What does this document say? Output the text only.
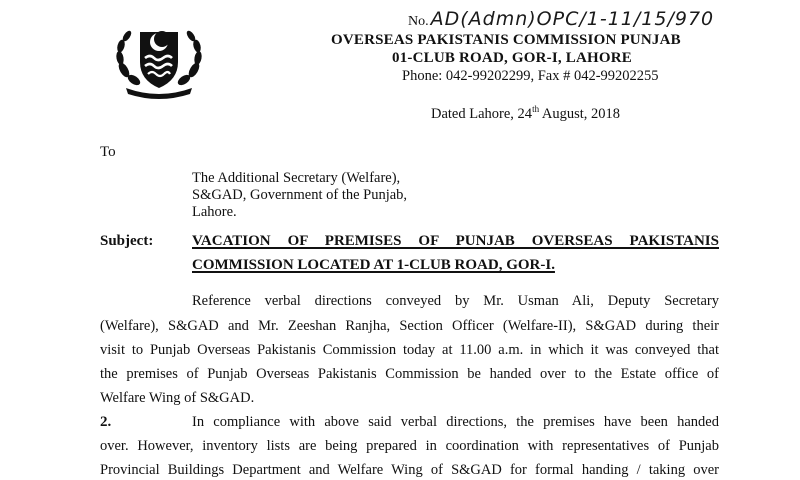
No. AD(Admn)OPC/1-11/15/970
OVERSEAS PAKISTANIS COMMISSION PUNJAB
01-CLUB ROAD, GOR-I, LAHORE
Phone: 042-99202299, Fax # 042-99202255
Dated Lahore, 24th August, 2018
To
The Additional Secretary (Welfare),
S&GAD, Government of the Punjab,
Lahore.
Subject:	VACATION OF PREMISES OF PUNJAB OVERSEAS PAKISTANIS
COMMISSION LOCATED AT 1-CLUB ROAD, GOR-I.
Reference verbal directions conveyed by Mr. Usman Ali, Deputy Secretary
(Welfare), S&GAD and Mr. Zeeshan Ranjha, Section Officer (Welfare-II), S&GAD during their
visit to Punjab Overseas Pakistanis Commission today at 11.00 a.m. in which it was conveyed that
the premises of Punjab Overseas Pakistanis Commission be handed over to the Estate office of
Welfare Wing of S&GAD.
2.	In compliance with above said verbal directions, the premises have been handed
over. However, inventory lists are being prepared in coordination with representatives of Punjab
Provincial Buildings Department and Welfare Wing of S&GAD for formal handing / taking over
